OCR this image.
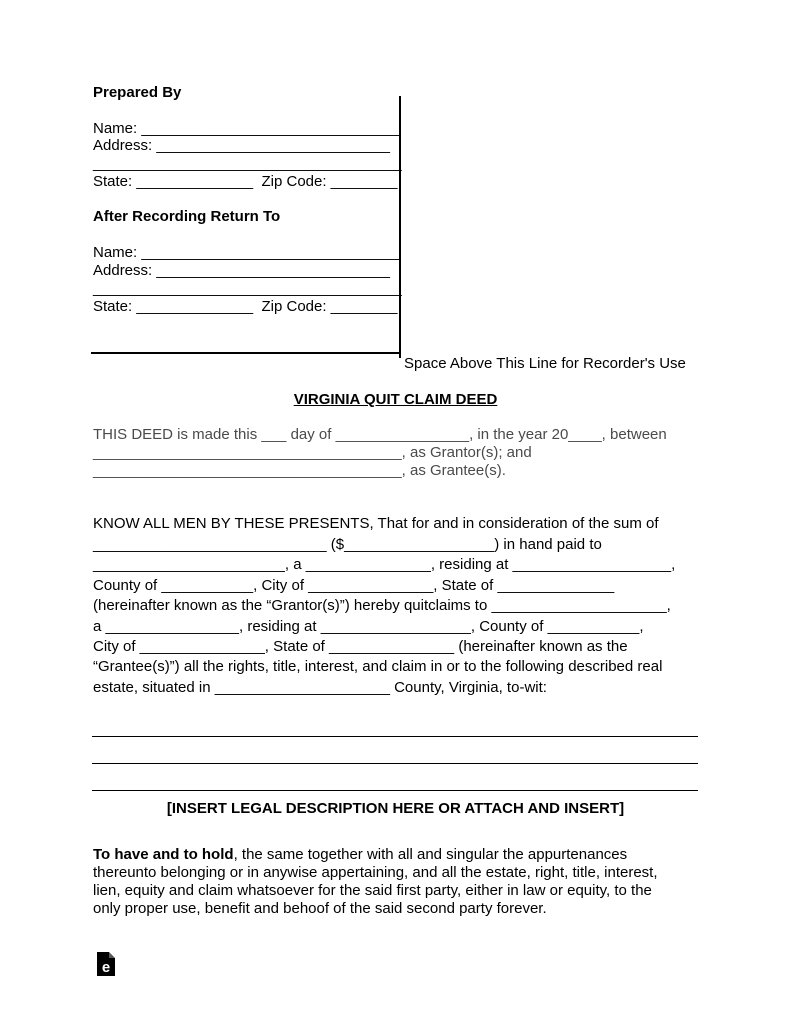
Prepared By
Name: _______________________________
Address: ____________________________
_____________________________________
State: ______________  Zip Code: ________
After Recording Return To
Name: _______________________________
Address: ____________________________
_____________________________________
State: ______________  Zip Code: ________
Space Above This Line for Recorder's Use
VIRGINIA QUIT CLAIM DEED
THIS DEED is made this ___ day of ________________, in the year 20____, between
_____________________________________, as Grantor(s); and
_____________________________________, as Grantee(s).
KNOW ALL MEN BY THESE PRESENTS, That for and in consideration of the sum of
____________________________ ($__________________) in hand paid to
_______________________, a _______________, residing at ___________________,
County of ___________, City of _______________, State of ______________
(hereinafter known as the “Grantor(s)”) hereby quitclaims to _____________________,
a ________________, residing at __________________, County of ___________,
City of _______________, State of _______________ (hereinafter known as the
“Grantee(s)”) all the rights, title, interest, and claim in or to the following described real
estate, situated in _____________________ County, Virginia, to-wit:
[INSERT LEGAL DESCRIPTION HERE OR ATTACH AND INSERT]
To have and to hold, the same together with all and singular the appurtenances
thereunto belonging or in anywise appertaining, and all the estate, right, title, interest,
lien, equity and claim whatsoever for the said first party, either in law or equity, to the
only proper use, benefit and behoof of the said second party forever.
e
